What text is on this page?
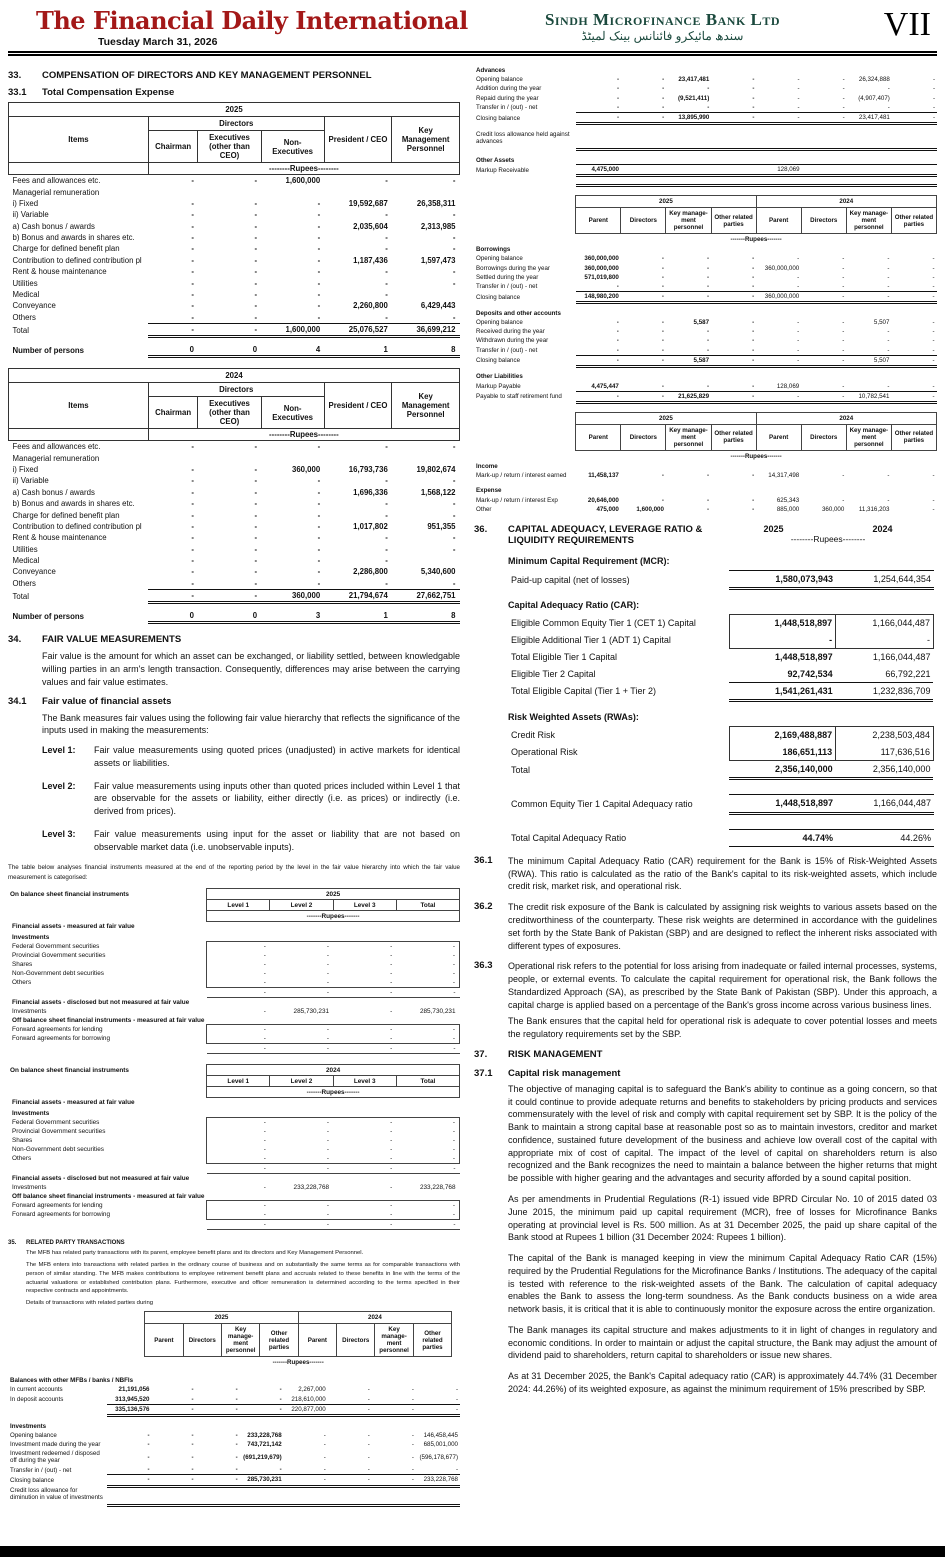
The Financial Daily International
Tuesday March 31, 2026
Sindh Microfinance Bank Ltd
سندھ مائیکرو فائنانس بینک لمیٹڈ	VII
33.	COMPENSATION OF DIRECTORS AND KEY MANAGEMENT PERSONNEL
33.1	Total Compensation Expense
2025					
Items	Directors			President / CEO	Key Management Personnel
	Chairman	Executives (other than CEO)	Non-Executives		
	--------Rupees--------				
Fees and allowances etc.	-	-	1,600,000	-	-
Managerial remuneration					
i) Fixed	-	-	-	19,592,687	26,358,311
ii) Variable	-	-	-	-	-
a) Cash bonus / awards	-	-	-	2,035,604	2,313,985
b) Bonus and awards in shares etc.	-	-	-	-	-
Charge for defined benefit plan	-	-	-	-	-
Contribution to defined contribution pl	-	-	-	1,187,436	1,597,473
Rent & house maintenance	-	-	-	-	-
Utilities	-	-	-	-	-
Medical	-	-	-	-	
Conveyance	-	-	-	2,260,800	6,429,443
Others	-	-	-	-	-
Total	-	-	1,600,000	25,076,527	36,699,212

Number of persons	0	0	4	1	8
2024					
Items	Directors			President / CEO	Key Management Personnel
	Chairman	Executives (other than CEO)	Non-Executives		
	--------Rupees--------				
Fees and allowances etc.	-	-	-	-	-
Managerial remuneration					
i) Fixed	-	-	360,000	16,793,736	19,802,674
ii) Variable	-	-	-	-	-
a) Cash bonus / awards	-	-	-	1,696,336	1,568,122
b) Bonus and awards in shares etc.	-	-	-	-	-
Charge for defined benefit plan	-	-	-	-	-
Contribution to defined contribution pl	-	-	-	1,017,802	951,355
Rent & house maintenance	-	-	-	-	-
Utilities	-	-	-	-	-
Medical	-	-	-	-	
Conveyance	-	-	-	2,286,800	5,340,600
Others	-	-	-	-	-
Total	-	-	360,000	21,794,674	27,662,751

Number of persons	0	0	3	1	8
34.	FAIR VALUE MEASUREMENTS

Fair value is the amount for which an asset can be exchanged, or liability settled, between knowledgable willing parties in an arm's length transaction. Consequently, differences may arise between the carrying values and fair value estimates.

34.1	Fair value of financial assets

The Bank measures fair values using the following fair value hierarchy that reflects the significance of the inputs used in making the measurements:

Level 1:	Fair value measurements using quoted prices (unadjusted) in active markets for identical assets or liabilities.
Level 2:	Fair value measurements using inputs other than quoted prices included within Level 1 that are observable for the assets or liability, either directly (i.e. as prices) or indirectly (i.e. derived from prices).
Level 3:	Fair value measurements using input for the asset or liability that are not based on observable market data (i.e. unobservable inputs).

The table below analyses financial instruments measured at the end of the reporting period by the level in the fair value hierarchy into which the fair value measurement is categorised:

On balance sheet financial instruments	2025			
	Level 1	Level 2	Level 3	Total
	-------Rupees-------			
Financial assets - measured at fair value				

Investments				
Federal Government securities	-	-	-	-
Provincial Government securities	-	-	-	-
Shares	-	-	-	-
Non-Government debt securities	-	-	-	-
Others	-	-	-	-
	-	-	-	-
Financial assets - disclosed but not measured at fair value				
Investments	-	285,730,231	-	285,730,231
Off balance sheet financial instruments - measured at fair value				
Forward agreements for lending	-	-	-	-
Forward agreements for borrowing	-	-	-	-
	-	-	-	-
On balance sheet financial instruments	2024			
	Level 1	Level 2	Level 3	Total
	-------Rupees-------			
Financial assets - measured at fair value				

Investments				
Federal Government securities	-	-	-	-
Provincial Government securities	-	-	-	-
Shares	-	-	-	-
Non-Government debt securities	-	-	-	-
Others	-	-	-	-
	-	-	-	-
Financial assets - disclosed but not measured at fair value				
Investments	-	233,228,768	-	233,228,768
Off balance sheet financial instruments - measured at fair value				
Forward agreements for lending	-	-	-	-
Forward agreements for borrowing	-	-	-	-
	-	-	-	-
35.	RELATED PARTY TRANSACTIONS

The MFB has related party transactions with its parent, employee benefit plans and its directors and Key Management Personnel.

The MFB enters into transactions with related parties in the ordinary course of business and on substantially the same terms as for comparable transactions with person of similar standing. The MFB makes contributions to employee retirement benefit plans and accruals related to these benefits in line with the terms of the actuarial valuations or established contribution plans. Furthermore, executive and officer remuneration is determined according to the terms specified in their respective contracts and appointments.

Details of transactions with related parties during

	2025				2024			
	Parent	Directors	Key manage-ment personnel	Other related parties	Parent	Directors	Key manage-ment personnel	Other related parties
	-------Rupees-------							
Balances with other MFBs / banks / NBFIs								
In current accounts	21,191,056	-	-	-	2,267,000	-	-	-
In deposit accounts	313,945,520	-	-	-	218,610,000	-	-	-
	335,136,576	-	-	-	220,877,000	-	-	-

Investments								
Opening balance	-	-	-	233,228,768	-	-	-	146,458,445
Investment made during the year	-	-	-	743,721,142	-	-	-	685,001,000
Investment redeemed / disposed off during the year	-	-	-	(691,219,679)	-	-	-	(596,178,677)
Transfer in / (out) - net	-	-	-	-	-	-	-	-
Closing balance	-	-	-	285,730,231	-	-	-	233,228,768
Credit loss allowance for diminution in value of investments								

Advances								
Opening balance	-	-	23,417,481	-	-	-	26,324,888	-
Addition during the year	-	-	-	-	-	-	-	-
Repaid during the year	-	-	(9,521,411)	-	-	-	(4,907,407)	-
Transfer in / (out) - net	-	-	-	-	-	-	-	-
Closing balance	-	-	13,895,990	-	-	-	23,417,481	-

Credit loss allowance held against advances								

Other Assets								
Markup Receivable	4,475,000				128,069			

	2025				2024			
	Parent	Directors	Key manage-ment personnel	Other related parties	Parent	Directors	Key manage-ment personnel	Other related parties
	-------Rupees-------							
Borrowings								
Opening balance	360,000,000	-	-	-	-	-	-	-
Borrowings during the year	360,000,000	-	-	-	360,000,000	-	-	-
Settled during the year	571,019,800	-	-	-	-	-	-	-
Transfer in / (out) - net	-	-	-	-	-	-	-	-
Closing balance	148,980,200	-	-	-	360,000,000	-	-	-

Deposits and other accounts								
Opening balance	-	-	5,587	-	-	-	5,507	-
Received during the year	-	-	-	-	-	-	-	-
Withdrawn during the year	-	-	-	-	-	-	-	-
Transfer in / (out) - net	-	-	-	-	-	-	-	-
Closing balance	-	-	5,587	-	-	-	5,507	-

Other Liabilities								
Markup Payable	4,475,447	-	-	-	128,069	-	-	-
Payable to staff retirement fund	-	-	21,625,829	-	-	-	10,782,541	-
	2025				2024			
	Parent	Directors	Key manage-ment personnel	Other related parties	Parent	Directors	Key manage-ment personnel	Other related parties
	-------Rupees-------							
Income								
Mark-up / return / interest earned	11,458,137	-	-	-	14,317,498	-	-	-

Expense								
Mark-up / return / interest Exp	20,646,000	-	-	-	625,343	-	-	-
Other	475,000	1,600,000	-	-	885,000	360,000	11,316,203	-
36.	CAPITAL ADEQUACY, LEVERAGE RATIO & LIQUIDITY REQUIREMENTS
2025	2024
--------Rupees--------
Minimum Capital Requirement (MCR):
Paid-up capital (net of losses)	1,580,073,943	1,254,644,354
Capital Adequacy Ratio (CAR):
Eligible Common Equity Tier 1 (CET 1) Capital	1,448,518,897	1,166,044,487
Eligible Additional Tier 1 (ADT 1) Capital	-	-
Total Eligible Tier 1 Capital	1,448,518,897	1,166,044,487
Eligible Tier 2 Capital	92,742,534	66,792,221
Total Eligible Capital (Tier 1 + Tier 2)	1,541,261,431	1,232,836,709
Risk Weighted Assets (RWAs):
Credit Risk	2,169,488,887	2,238,503,484
Operational Risk	186,651,113	117,636,516
Total	2,356,140,000	2,356,140,000
Common Equity Tier 1 Capital Adequacy ratio	1,448,518,897	1,166,044,487
Total Capital Adequacy Ratio	44.74%	44.26%
36.1	The minimum Capital Adequacy Ratio (CAR) requirement for the Bank is 15% of Risk-Weighted Assets (RWA). This ratio is calculated as the ratio of the Bank's capital to its risk-weighted assets, which include credit risk, market risk, and operational risk.

36.2	The credit risk exposure of the Bank is calculated by assigning risk weights to various assets based on the creditworthiness of the counterparty. These risk weights are determined in accordance with the guidelines set forth by the State Bank of Pakistan (SBP) and are designed to reflect the inherent risks associated with different types of exposures.

36.3	Operational risk refers to the potential for loss arising from inadequate or failed internal processes, systems, people, or external events. To calculate the capital requirement for operational risk, the Bank follows the Standardized Approach (SA), as prescribed by the State Bank of Pakistan (SBP). Under this approach, a capital charge is applied based on a percentage of the Bank's gross income across various business lines.

The Bank ensures that the capital held for operational risk is adequate to cover potential losses and meets the regulatory requirements set by the SBP.

37.	RISK MANAGEMENT
37.1	Capital risk management

The objective of managing capital is to safeguard the Bank's ability to continue as a going concern, so that it could continue to provide adequate returns and benefits to stakeholders by pricing products and services commensurately with the level of risk and comply with capital requirement set by SBP. It is the policy of the Bank to maintain a strong capital base at reasonable post so as to maintain investors, creditor and market confidence, sustained future development of the business and achieve low overall cost of the capital with appropriate mix of cost of capital. The impact of the level of capital on shareholders return is also recognized and the Bank recognizes the need to maintain a balance between the higher returns that might be possible with higher gearing and the advantages and security afforded by a sound capital position.

As per amendments in Prudential Regulations (R-1) issued vide BPRD Circular No. 10 of 2015 dated 03 June 2015, the minimum paid up capital requirement (MCR), free of losses for Microfinance Banks operating at provincial level is Rs. 500 million. As at 31 December 2025, the paid up share capital of the Bank stood at Rupees 1 billion (31 December 2024: Rupees 1 billion).

The capital of the Bank is managed keeping in view the minimum Capital Adequacy Ratio CAR (15%) required by the Prudential Regulations for the Microfinance Banks / Institutions. The adequacy of the capital is tested with reference to the risk-weighted assets of the Bank. The calculation of capital adequacy enables the Bank to assess the long-term soundness. As the Bank conducts business on a wide area network basis, it is critical that it is able to continuously monitor the exposure across the entire organization.

The Bank manages its capital structure and makes adjustments to it in light of changes in regulatory and economic conditions. In order to maintain or adjust the capital structure, the Bank may adjust the amount of dividend paid to shareholders, return capital to shareholders or issue new shares.

As at 31 December 2025, the Bank's Capital adequacy ratio (CAR) is approximately 44.74% (31 December 2024: 44.26%) of its weighted exposure, as against the minimum requirement of 15% prescribed by SBP.
